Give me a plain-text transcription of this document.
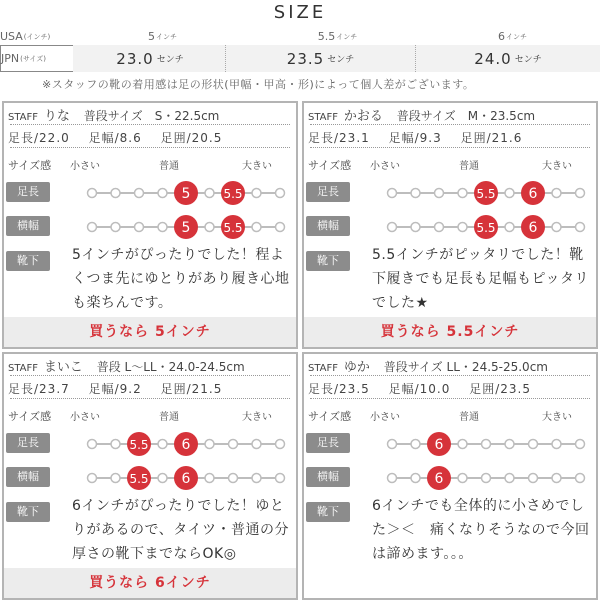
SIZE
USA (インチ)	5 インチ	5.5 インチ	6 インチ
JPN (サイズ)	23.0 センチ	23.5 センチ	24.0 センチ
※スタッフの靴の着用感は足の形状(甲幅・甲高・形)によって個人差がございます。
STAFF りな 普段サイズ　S・22.5cm
足長/22.0 足幅/8.6 足囲/20.5
サイズ感 小さい	普通	大きい
5	5.5
5	5.5
足長
横幅
靴下	5インチがぴったりでした！程よくつま先にゆとりがあり履き心地も楽ちんです。
買うなら 5インチ
STAFF かおる 普段サイズ　M・23.5cm
足長/23.1 足幅/9.3 足囲/21.6
サイズ感 小さい	普通	大きい
5.5 6
5.5 6
足長
横幅
靴下	5.5インチがピッタリでした！靴下履きでも足長も足幅もピッタリでした★
買うなら 5.5インチ
STAFF まいこ 普段 L〜LL・24.0-24.5cm
足長/23.7 足幅/9.2 足囲/21.5
サイズ感 小さい	普通	大きい
5.5 6
5.5 6
足長
横幅
靴下	6インチがぴったりでした！ゆとりがあるので、タイツ・普通の分厚さの靴下までならOK◎
買うなら 6インチ
STAFF ゆか 普段サイズ LL・24.5-25.0cm
足長/23.5 足幅/10.0 足囲/23.5
サイズ感 小さい	普通	大きい
6
6
足長
横幅
靴下	6インチでも全体的に小さめでした＞＜　痛くなりそうなので今回は諦めます。。。
